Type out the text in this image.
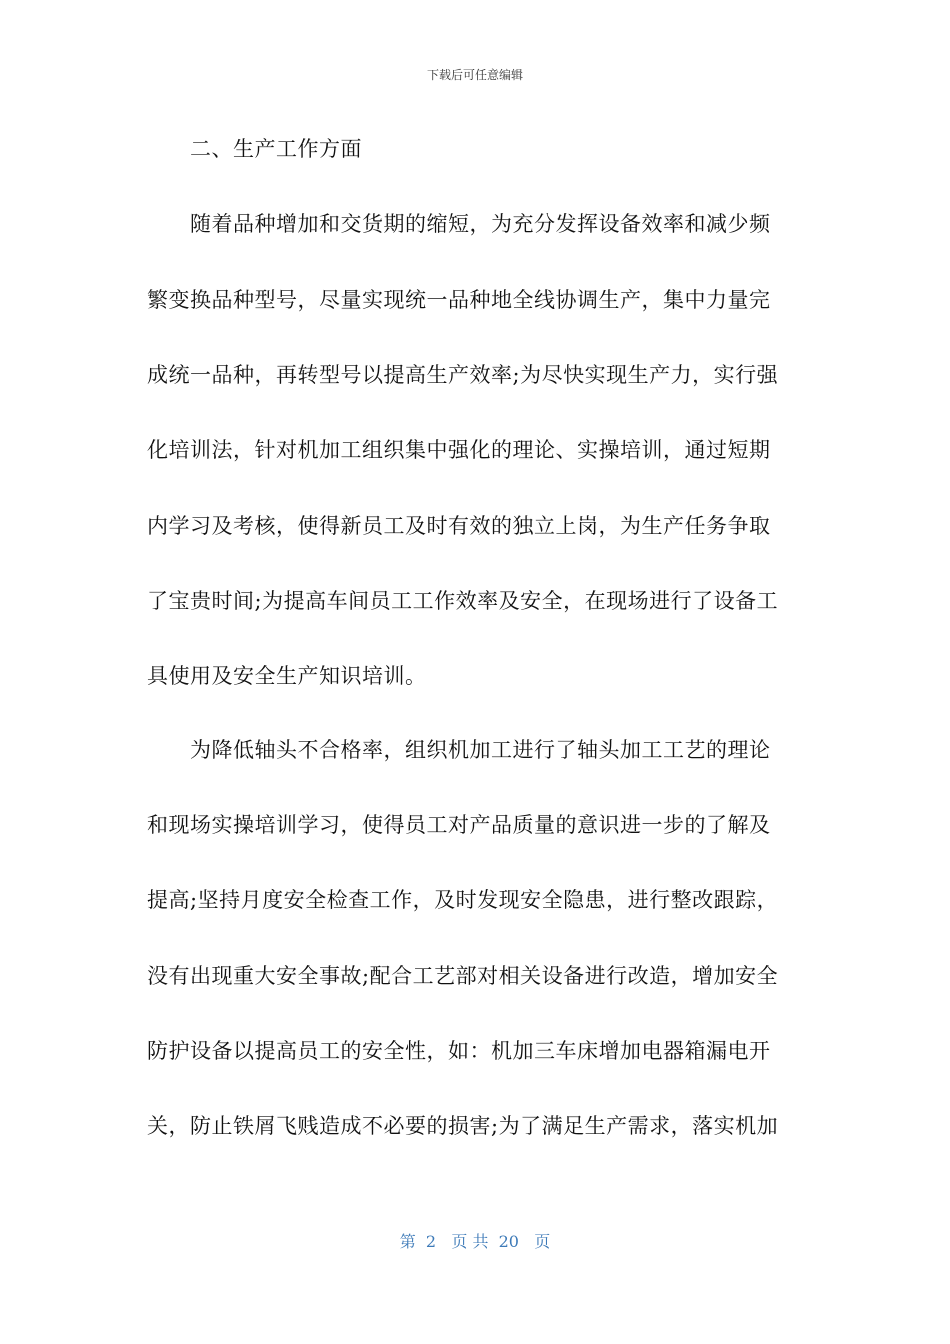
下载后可任意编辑
二、生产工作方面
随着品种增加和交货期的缩短，为充分发挥设备效率和减少频
繁变换品种型号，尽量实现统一品种地全线协调生产，集中力量完
成统一品种，再转型号以提高生产效率;为尽快实现生产力，实行强
化培训法，针对机加工组织集中强化的理论、实操培训，通过短期
内学习及考核，使得新员工及时有效的独立上岗，为生产任务争取
了宝贵时间;为提高车间员工工作效率及安全，在现场进行了设备工
具使用及安全生产知识培训。
为降低轴头不合格率，组织机加工进行了轴头加工工艺的理论
和现场实操培训学习，使得员工对产品质量的意识进一步的了解及
提高;坚持月度安全检查工作，及时发现安全隐患，进行整改跟踪，
没有出现重大安全事故;配合工艺部对相关设备进行改造，增加安全
防护设备以提高员工的安全性，如：机加三车床增加电器箱漏电开
关，防止铁屑飞贱造成不必要的损害;为了满足生产需求，落实机加
第  2   页 共  20   页
